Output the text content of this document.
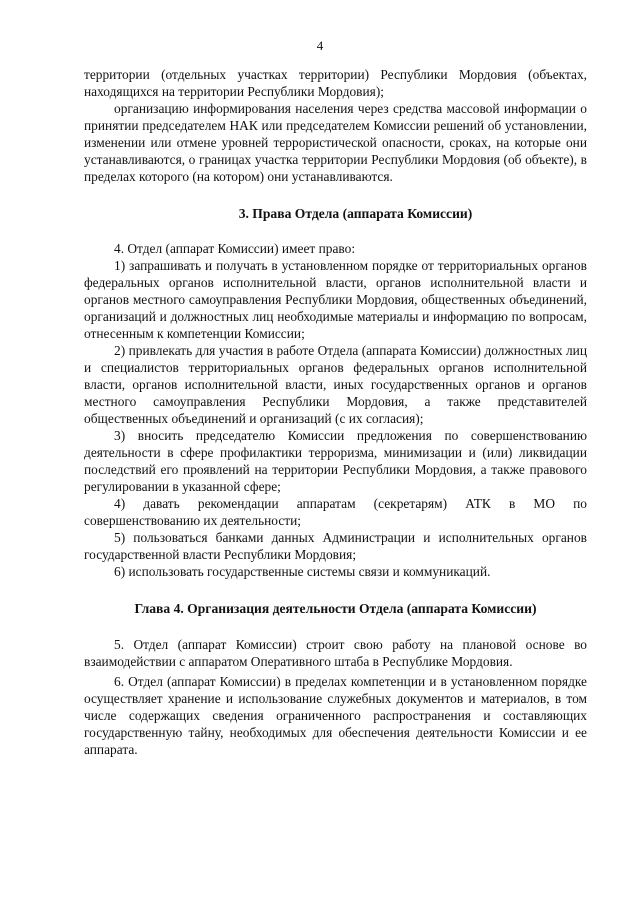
4

территории (отдельных участках территории) Республики Мордовия (объектах, находящихся на территории Республики Мордовия);

организацию информирования населения через средства массовой информации о принятии председателем НАК или председателем Комиссии решений об установлении, изменении или отмене уровней террористической опасности, сроках, на которые они устанавливаются, о границах участка территории Республики Мордовия (об объекте), в пределах которого (на котором) они устанавливаются.

3. Права Отдела (аппарата Комиссии)

4. Отдел (аппарат Комиссии) имеет право:

1) запрашивать и получать в установленном порядке от территориальных органов федеральных органов исполнительной власти, органов исполнительной власти и органов местного самоуправления Республики Мордовия, общественных объединений, организаций и должностных лиц необходимые материалы и информацию по вопросам, отнесенным к компетенции Комиссии;

2) привлекать для участия в работе Отдела (аппарата Комиссии) должностных лиц и специалистов территориальных органов федеральных органов исполнительной власти, органов исполнительной власти, иных государственных органов и органов местного самоуправления Республики Мордовия, а также представителей общественных объединений и организаций (с их согласия);

3) вносить председателю Комиссии предложения по совершенствованию деятельности в сфере профилактики терроризма, минимизации и (или) ликвидации последствий его проявлений на территории Республики Мордовия, а также правового регулировании в указанной сфере;

4) давать рекомендации аппаратам (секретарям) АТК в МО по совершенствованию их деятельности;

5) пользоваться банками данных Администрации и исполнительных органов государственной власти Республики Мордовия;

6) использовать государственные системы связи и коммуникаций.

Глава 4. Организация деятельности Отдела (аппарата Комиссии)

5. Отдел (аппарат Комиссии) строит свою работу на плановой основе во взаимодействии с аппаратом Оперативного штаба в Республике Мордовия.

6. Отдел (аппарат Комиссии) в пределах компетенции и в установленном порядке осуществляет хранение и использование служебных документов и материалов, в том числе содержащих сведения ограниченного распространения и составляющих государственную тайну, необходимых для обеспечения деятельности Комиссии и ее аппарата.
